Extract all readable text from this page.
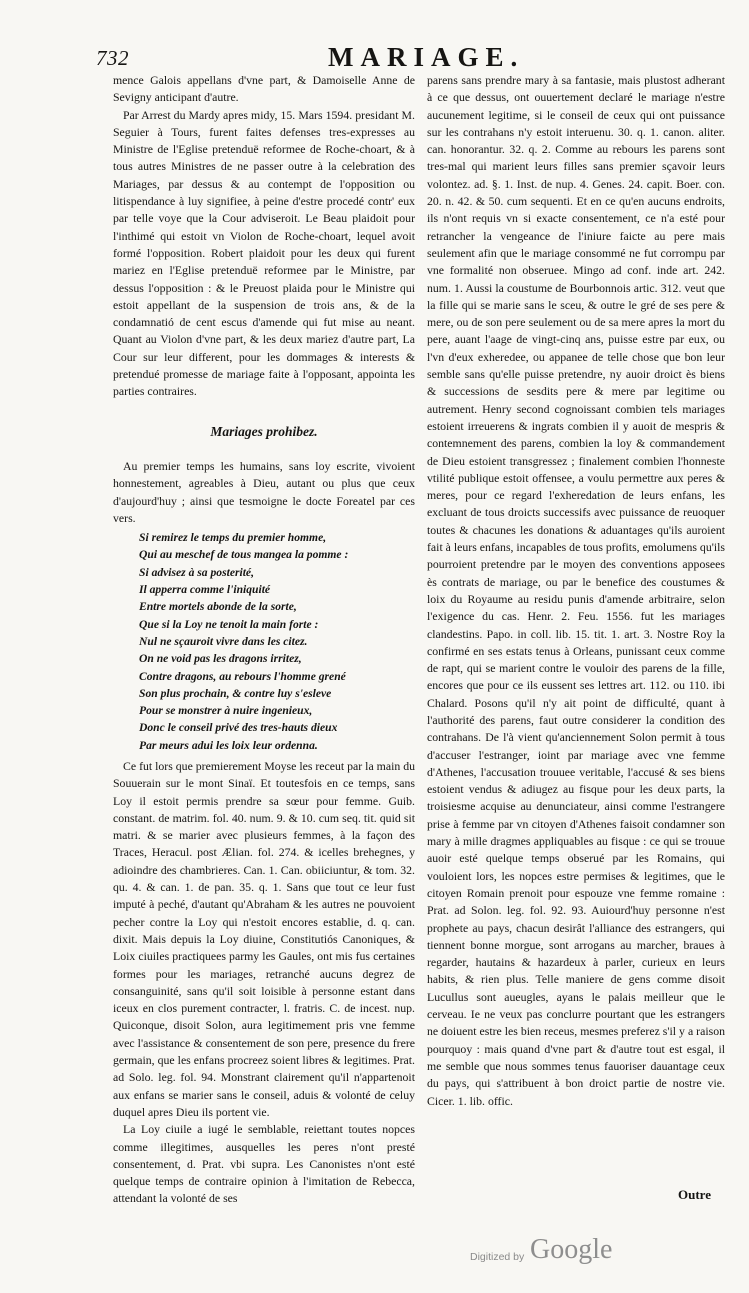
732	MARIAGE.

mence Galois appellans d'vne part, & Damoiselle Anne de Sevigny anticipant d'autre.

Par Arrest du Mardy apres midy, 15. Mars 1594. presidant M. Seguier à Tours, furent faites defenses tres-expresses au Ministre de l'Eglise pretenduë reformee de Roche-choart, & à tous autres Ministres de ne passer outre à la celebration des Mariages, par dessus & au contempt de l'opposition ou litispendance à luy signifiee, à peine d'estre procedé contr' eux par telle voye que la Cour adviseroit. Le Beau plaidoit pour l'inthimé qui estoit vn Violon de Roche-choart, lequel avoit formé l'opposition. Robert plaidoit pour les deux qui furent mariez en l'Eglise pretenduë reformee par le Ministre, par dessus l'opposition : & le Preuost plaida pour le Ministre qui estoit appellant de la suspension de trois ans, & de la condamnatió de cent escus d'amende qui fut mise au neant. Quant au Violon d'vne part, & les deux mariez d'autre part, La Cour sur leur different, pour les dommages & interests & pretendué promesse de mariage faite à l'opposant, appointa les parties contraires.

Mariages prohibez.

Au premier temps les humains, sans loy escrite, vivoient honnestement, agreables à Dieu, autant ou plus que ceux d'aujourd'huy ; ainsi que tesmoigne le docte Foreatel par ces vers.

Si remirez le temps du premier homme,
Qui au meschef de tous mangea la pomme :
Si advisez à sa posterité,
Il apperra comme l'iniquité
Entre mortels abonde de la sorte,
Que si la Loy ne tenoit la main forte :
Nul ne sçauroit vivre dans les citez.
On ne void pas les dragons irritez,
Contre dragons, au rebours l'homme grené
Son plus prochain, & contre luy s'esleve
Pour se monstrer à nuire ingenieux,
Donc le conseil privé des tres-hauts dieux
Par meurs adui les loix leur ordenna.

Ce fut lors que premierement Moyse les receut par la main du Souuerain sur le mont Sinaï. Et toutesfois en ce temps, sans Loy il estoit permis prendre sa sœur pour femme. Guib. constant. de matrim. fol. 40. num. 9. & 10. cum seq. tit. quid sit matri. & se marier avec plusieurs femmes, à la façon des Traces, Heracul. post Ælian. fol. 274. & icelles brehegnes, y adioindre des chambrieres. Can. 1. Can. obiiciuntur, & tom. 32. qu. 4. & can. 1. de pan. 35. q. 1. Sans que tout ce leur fust imputé à peché, d'autant qu'Abraham & les autres ne pouvoient pecher contre la Loy qui n'estoit encores establie, d. q. can. dixit. Mais depuis la Loy diuine, Constitutiós Canoniques, & Loix ciuiles practiquees parmy les Gaules, ont mis fus certaines formes pour les mariages, retranché aucuns degrez de consanguinité, sans qu'il soit loisible à personne estant dans iceux en clos purement contracter, l. fratris. C. de incest. nup. Quiconque, disoit Solon, aura legitimement pris vne femme avec l'assistance & consentement de son pere, presence du frere germain, que les enfans procreez soient libres & legitimes. Prat. ad Solo. leg. fol. 94. Monstrant clairement qu'il n'appartenoit aux enfans se marier sans le conseil, aduis & volonté de celuy duquel apres Dieu ils portent vie.

La Loy ciuile a iugé le semblable, reiettant toutes nopces comme illegitimes, ausquelles les peres n'ont presté consentement, d. Prat. vbi supra. Les Canonistes n'ont esté quelque temps de contraire opinion à l'imitation de Rebecca, attendant la volonté de ses

parens sans prendre mary à sa fantasie, mais plustost adherant à ce que dessus, ont ouuertement declaré le mariage n'estre aucunement legitime, si le conseil de ceux qui ont puissance sur les contrahans n'y estoit interuenu. 30. q. 1. canon. aliter. can. honorantur. 32. q. 2. Comme au rebours les parens sont tres-mal qui marient leurs filles sans premier sçavoir leurs volontez. ad. §. 1. Inst. de nup. 4. Genes. 24. capit. Boer. con. 20. n. 42. & 50. cum sequenti. Et en ce qu'en aucuns endroits, ils n'ont requis vn si exacte consentement, ce n'a esté pour retrancher la vengeance de l'iniure faicte au pere mais seulement afin que le mariage consommé ne fut corrompu par vne formalité non obseruee. Mingo ad conf. inde art. 242. num. 1. Aussi la coustume de Bourbonnois artic. 312. veut que la fille qui se marie sans le sceu, & outre le gré de ses pere & mere, ou de son pere seulement ou de sa mere apres la mort du pere, auant l'aage de vingt-cinq ans, puisse estre par eux, ou l'vn d'eux exheredee, ou appanee de telle chose que bon leur semble sans qu'elle puisse pretendre, ny auoir droict ès biens & successions de sesdits pere & mere par legitime ou autrement. Henry second cognoissant combien tels mariages estoient irreuerens & ingrats combien il y auoit de mespris & contemnement des parens, combien la loy & commandement de Dieu estoient transgressez ; finalement combien l'honneste vtilité publique estoit offensee, a voulu permettre aux peres & meres, pour ce regard l'exheredation de leurs enfans, les excluant de tous droicts successifs avec puissance de reuoquer toutes & chacunes les donations & aduantages qu'ils auroient fait à leurs enfans, incapables de tous profits, emolumens qu'ils pourroient pretendre par le moyen des conventions apposees ès contrats de mariage, ou par le benefice des coustumes & loix du Royaume au residu punis d'amende arbitraire, selon l'exigence du cas. Henr. 2. Feu. 1556. fut les mariages clandestins. Papo. in coll. lib. 15. tit. 1. art. 3. Nostre Roy la confirmé en ses estats tenus à Orleans, punissant ceux comme de rapt, qui se marient contre le vouloir des parens de la fille, encores que pour ce ils eussent ses lettres art. 112. ou 110. ibi Chalard. Posons qu'il n'y ait point de difficulté, quant à l'authorité des parens, faut outre considerer la condition des contrahans. De l'à vient qu'anciennement Solon permit à tous d'accuser l'estranger, ioint par mariage avec vne femme d'Athenes, l'accusation trouuee veritable, l'accusé & ses biens estoient vendus & adiugez au fisque pour les deux parts, la troisiesme acquise au denunciateur, ainsi comme l'estrangere prise à femme par vn citoyen d'Athenes faisoit condamner son mary à mille dragmes appliquables au fisque : ce qui se trouue auoir esté quelque temps obserué par les Romains, qui vouloient lors, les nopces estre permises & legitimes, que le citoyen Romain prenoit pour espouze vne femme romaine : Prat. ad Solon. leg. fol. 92. 93. Auiourd'huy personne n'est prophete au pays, chacun desirât l'alliance des estrangers, qui tiennent bonne morgue, sont arrogans au marcher, braues à regarder, hautains & hazardeux à parler, curieux en leurs habits, & rien plus. Telle maniere de gens comme disoit Lucullus sont aueugles, ayans le palais meilleur que le cerveau. Ie ne veux pas conclurre pourtant que les estrangers ne doiuent estre les bien receus, mesmes preferez s'il y a raison pourquoy : mais quand d'vne part & d'autre tout est esgal, il me semble que nous sommes tenus fauoriser dauantage ceux du pays, qui s'attribuent à bon droict partie de nostre vie. Cicer. 1. lib. offic.

Outre
Digitized by Google
